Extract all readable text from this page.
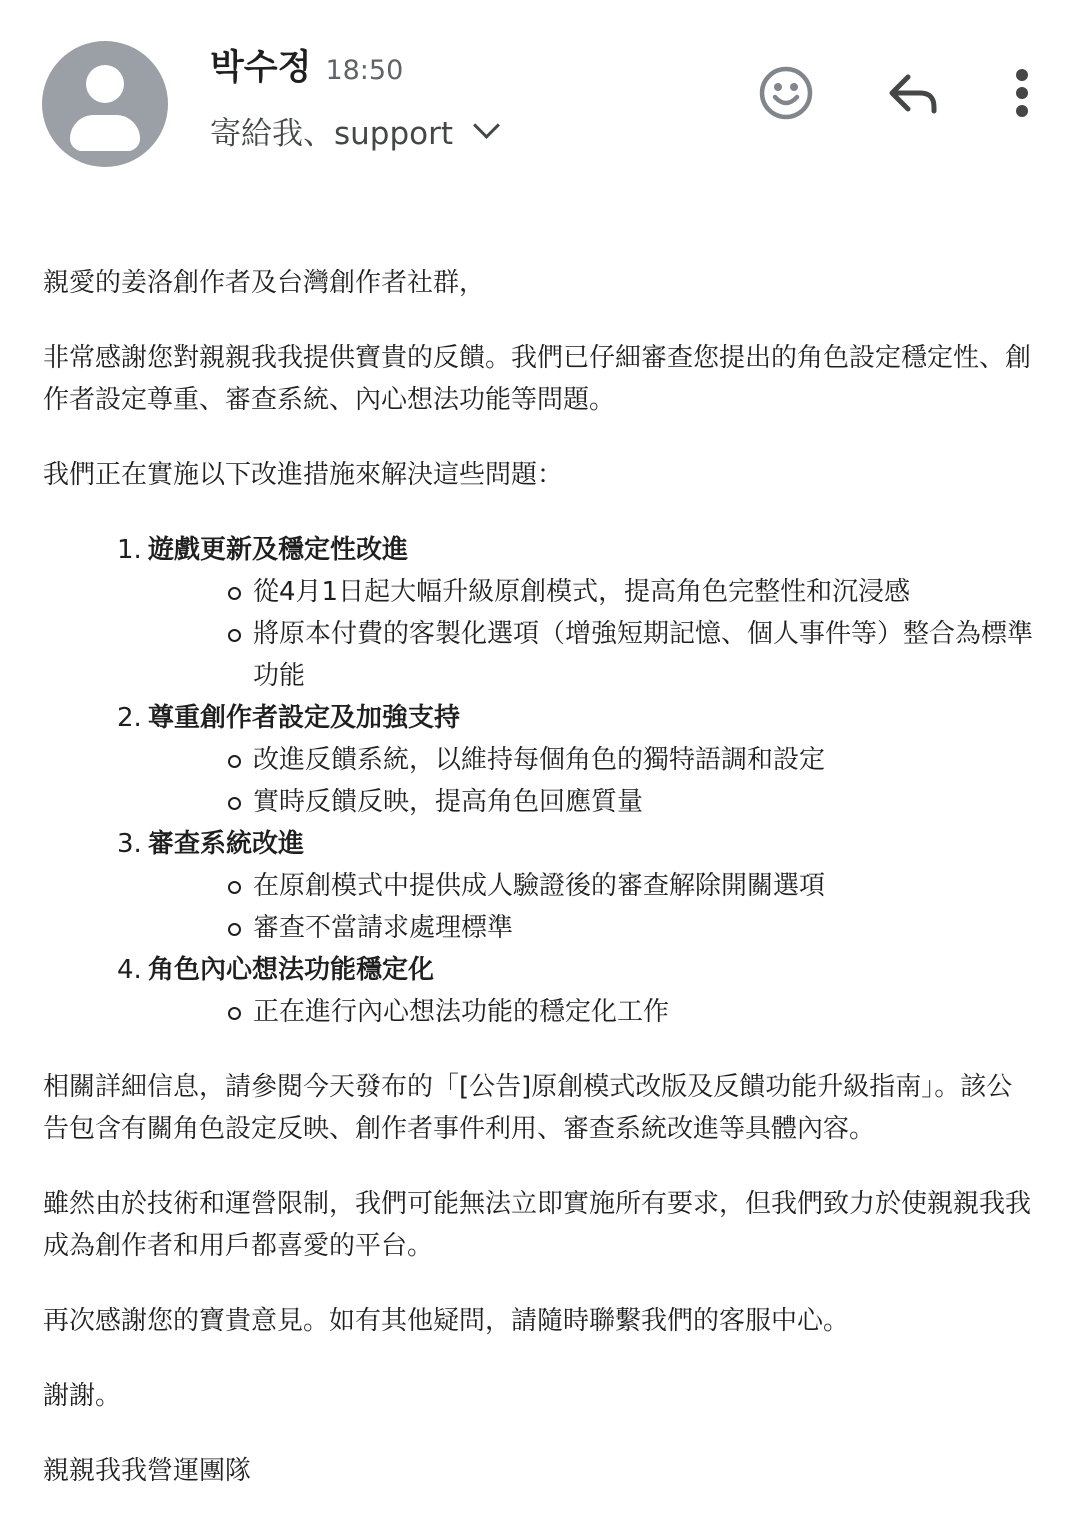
박수정 18:50
寄給我、support

親愛的姜洛創作者及台灣創作者社群，

非常感謝您對親親我我提供寶貴的反饋。我們已仔細審查您提出的角色設定穩定性、創作者設定尊重、審查系統、內心想法功能等問題。

我們正在實施以下改進措施來解決這些問題：

1. 遊戲更新及穩定性改進
從4月1日起大幅升級原創模式，提高角色完整性和沉浸感
將原本付費的客製化選項（增強短期記憶、個人事件等）整合為標準功能
2. 尊重創作者設定及加強支持
改進反饋系統，以維持每個角色的獨特語調和設定
實時反饋反映，提高角色回應質量
3. 審查系統改進
在原創模式中提供成人驗證後的審查解除開關選項
審查不當請求處理標準
4. 角色內心想法功能穩定化
正在進行內心想法功能的穩定化工作

相關詳細信息，請參閱今天發布的「[公告]原創模式改版及反饋功能升級指南」。該公告包含有關角色設定反映、創作者事件利用、審查系統改進等具體內容。

雖然由於技術和運營限制，我們可能無法立即實施所有要求，但我們致力於使親親我我成為創作者和用戶都喜愛的平台。

再次感謝您的寶貴意見。如有其他疑問，請隨時聯繫我們的客服中心。

謝謝。

親親我我營運團隊
